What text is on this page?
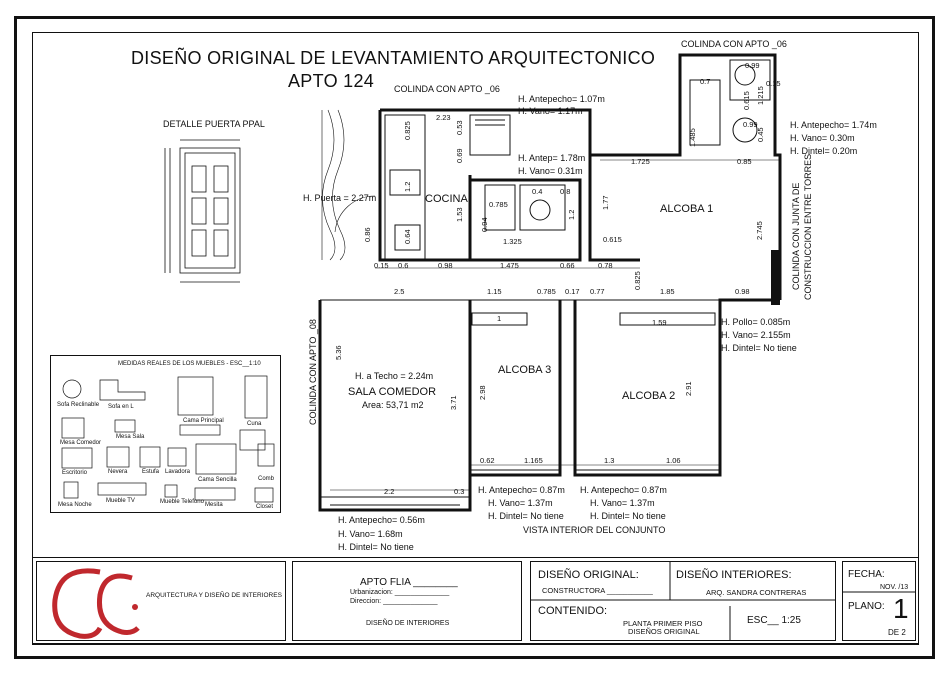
DISEÑO ORIGINAL DE LEVANTAMIENTO ARQUITECTONICO
APTO 124
COCINA
ALCOBA 1
ALCOBA 2
ALCOBA 3
H. a Techo = 2.24m
SALA COMEDOR
Area: 53,71 m2
COLINDA CON APTO _06
COLINDA CON APTO _06
COLINDA CON APTO _08
COLINDA CON JUNTA DE CONSTRUCCION ENTRE TORRES
VISTA INTERIOR DEL CONJUNTO
H. Antepecho= 1.07m
H. Vano= 1.17m
H. Antep= 1.78m
H. Vano= 0.31m
H. Antepecho= 1.74m
H. Vano= 0.30m
H. Dintel= 0.20m
H. Puerta = 2.27m
H. Pollo= 0.085m
H. Vano= 2.155m
H. Dintel= No tiene
H. Antepecho= 0.56m
H. Vano= 1.68m
H. Dintel= No tiene
H. Antepecho= 0.87m
H. Vano= 1.37m
H. Dintel= No tiene
H. Antepecho= 0.87m
H. Vano= 1.37m
H. Dintel= No tiene
2.23
0.825	0.53
0.69
1.2
1.53
0.785
0.4 0.8
0.94
1.2
1.325
0.86	0.64
0.15 0.6	0.98	1.475	0.66	0.78
1.725	0.85
1.485
1.77
0.615	2.745
0.99
0.7	0.15
0.615 1.215
0.99
0.45
2.5	1.15	0.785 0.17 0.77
0.825
1.85	0.98
5.36
3.71
2.98	2.91
1	1.59
0.62	1.165	1.3	1.06
2.2	0.3
DETALLE PUERTA PPAL
MEDIDAS REALES DE LOS MUEBLES - ESC__1:10
Sofa Reclinable Sofa en L
Cama Principal	Cuna
Mesa Comedor
Mesa Sala
Escritorio	Nevera Estufa Lavadora
Cama Sencilla	Comb
Mesa Noche
Mueble TV	Mueble Telefono Mesita	Closet
ARQUITECTURA Y DISEÑO DE INTERIORES
APTO FLIA ________
Urbanizacion: ______________
Direccion: ______________
DISEÑO DE INTERIORES
DISEÑO ORIGINAL:
CONSTRUCTORA ___________
DISEÑO INTERIORES:
ARQ. SANDRA CONTRERAS
CONTENIDO:
PLANTA PRIMER PISO
DISEÑOS ORIGINAL
ESC__ 1:25
FECHA:
NOV. /13
PLANO: 1
DE 2
